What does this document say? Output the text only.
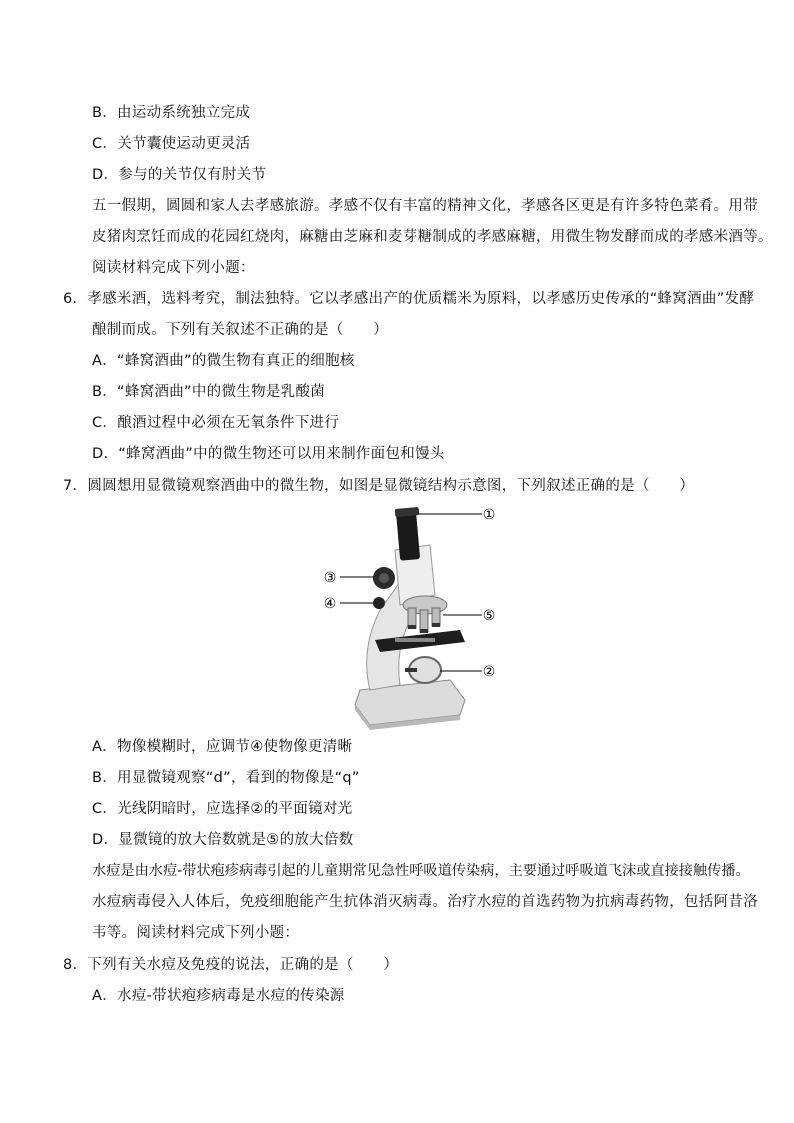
B．由运动系统独立完成
C．关节囊使运动更灵活
D．参与的关节仅有肘关节
五一假期，圆圆和家人去孝感旅游。孝感不仅有丰富的精神文化，孝感各区更是有许多特色菜肴。用带
皮猪肉烹饪而成的花园红烧肉，麻糖由芝麻和麦芽糖制成的孝感麻糖，用微生物发酵而成的孝感米酒等。
阅读材料完成下列小题：
6．孝感米酒，选料考究，制法独特。它以孝感出产的优质糯米为原料，以孝感历史传承的“蜂窝酒曲”发酵
酿制而成。下列有关叙述不正确的是（　　）
A．“蜂窝酒曲”的微生物有真正的细胞核
B．“蜂窝酒曲”中的微生物是乳酸菌
C．酿酒过程中必须在无氧条件下进行
D．“蜂窝酒曲”中的微生物还可以用来制作面包和馒头
7．圆圆想用显微镜观察酒曲中的微生物，如图是显微镜结构示意图，下列叙述正确的是（　　）
①
③
④
⑤
②
A．物像模糊时，应调节④使物像更清晰
B．用显微镜观察“d”，看到的物像是“q”
C．光线阴暗时，应选择②的平面镜对光
D．显微镜的放大倍数就是⑤的放大倍数
水痘是由水痘-带状疱疹病毒引起的儿童期常见急性呼吸道传染病，主要通过呼吸道飞沫或直接接触传播。
水痘病毒侵入人体后，免疫细胞能产生抗体消灭病毒。治疗水痘的首选药物为抗病毒药物，包括阿昔洛
韦等。阅读材料完成下列小题：
8．下列有关水痘及免疫的说法，正确的是（　　）
A．水痘-带状疱疹病毒是水痘的传染源
